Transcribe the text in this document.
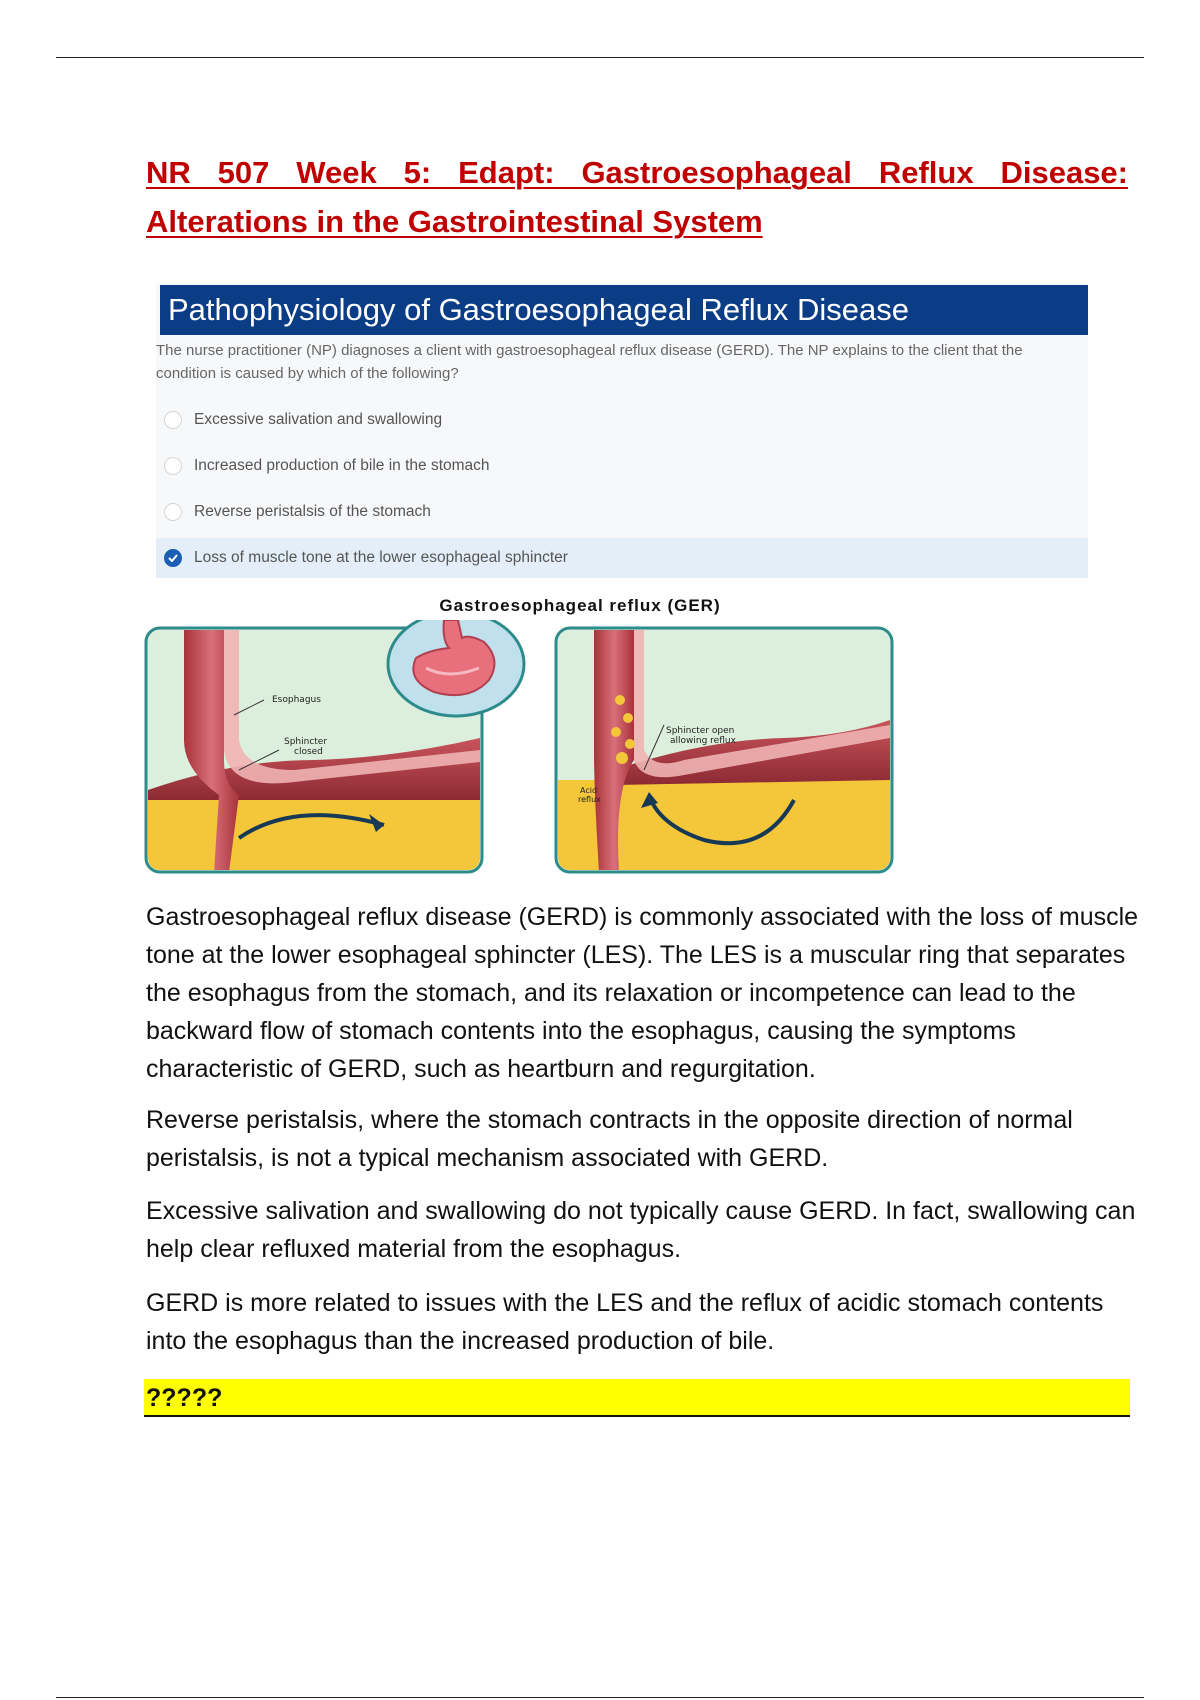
NR 507 Week 5: Edapt: Gastroesophageal Reflux Disease:
Alterations in the Gastrointestinal System
Pathophysiology of Gastroesophageal Reflux Disease
The nurse practitioner (NP) diagnoses a client with gastroesophageal reflux disease (GERD). The NP explains to the client that the condition is caused by which of the following?
Excessive salivation and swallowing
Increased production of bile in the stomach
Reverse peristalsis of the stomach
Loss of muscle tone at the lower esophageal sphincter
Gastroesophageal reflux (GER)
Esophagus
Sphincter
closed
Sphincter open
allowing reflux
Acid
reflux

Gastroesophageal reflux disease (GERD) is commonly associated with the loss of muscle tone at the lower esophageal sphincter (LES). The LES is a muscular ring that separates the esophagus from the stomach, and its relaxation or incompetence can lead to the backward flow of stomach contents into the esophagus, causing the symptoms characteristic of GERD, such as heartburn and regurgitation.

Reverse peristalsis, where the stomach contracts in the opposite direction of normal peristalsis, is not a typical mechanism associated with GERD.

Excessive salivation and swallowing do not typically cause GERD. In fact, swallowing can help clear refluxed material from the esophagus.

GERD is more related to issues with the LES and the reflux of acidic stomach contents into the esophagus than the increased production of bile.

?????
